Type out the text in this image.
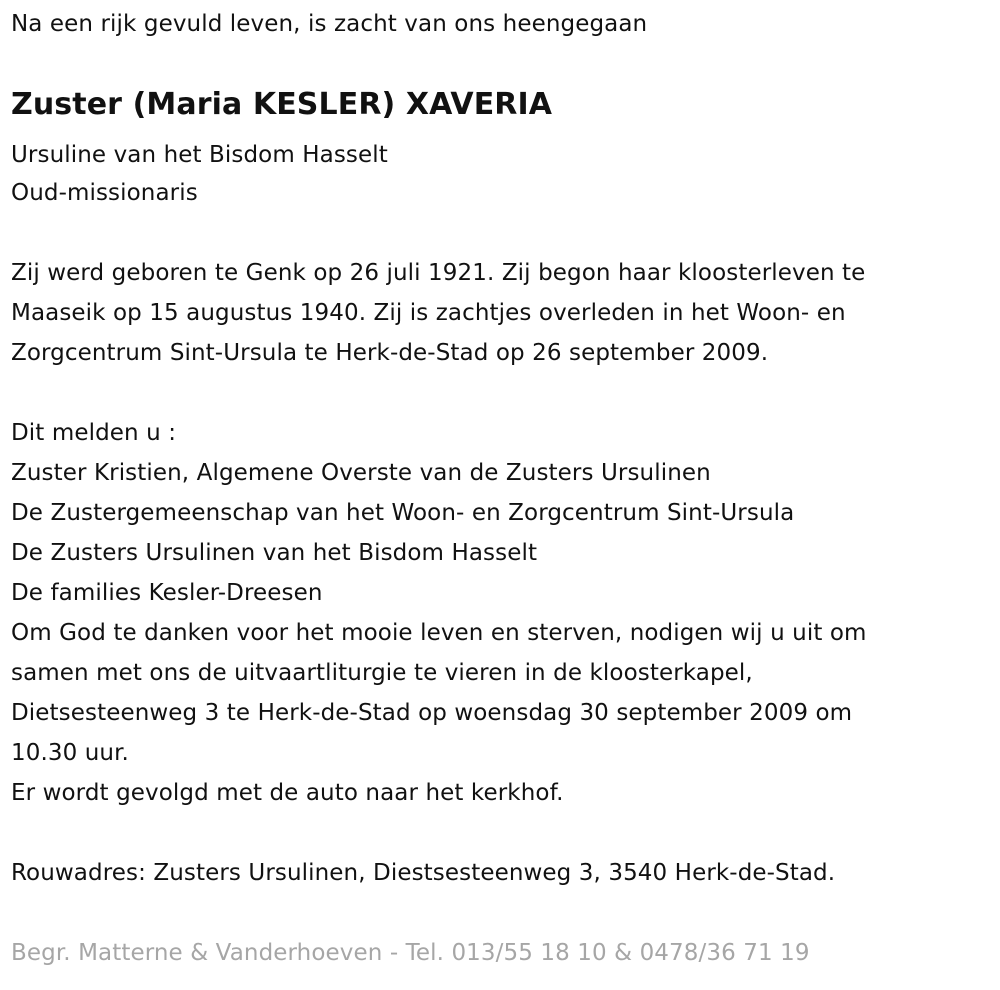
Na een rijk gevuld leven, is zacht van ons heengegaan
Zuster (Maria KESLER) XAVERIA
Ursuline van het Bisdom Hasselt
Oud-missionaris
Zij werd geboren te Genk op 26 juli 1921. Zij begon haar kloosterleven te
Maaseik op 15 augustus 1940. Zij is zachtjes overleden in het Woon- en
Zorgcentrum Sint-Ursula te Herk-de-Stad op 26 september 2009.
Dit melden u :
Zuster Kristien, Algemene Overste van de Zusters Ursulinen
De Zustergemeenschap van het Woon- en Zorgcentrum Sint-Ursula
De Zusters Ursulinen van het Bisdom Hasselt
De families Kesler-Dreesen
Om God te danken voor het mooie leven en sterven, nodigen wij u uit om
samen met ons de uitvaartliturgie te vieren in de kloosterkapel,
Dietsesteenweg 3 te Herk-de-Stad op woensdag 30 september 2009 om
10.30 uur.
Er wordt gevolgd met de auto naar het kerkhof.
Rouwadres: Zusters Ursulinen, Diestsesteenweg 3, 3540 Herk-de-Stad.
Begr. Matterne & Vanderhoeven - Tel. 013/55 18 10 & 0478/36 71 19
